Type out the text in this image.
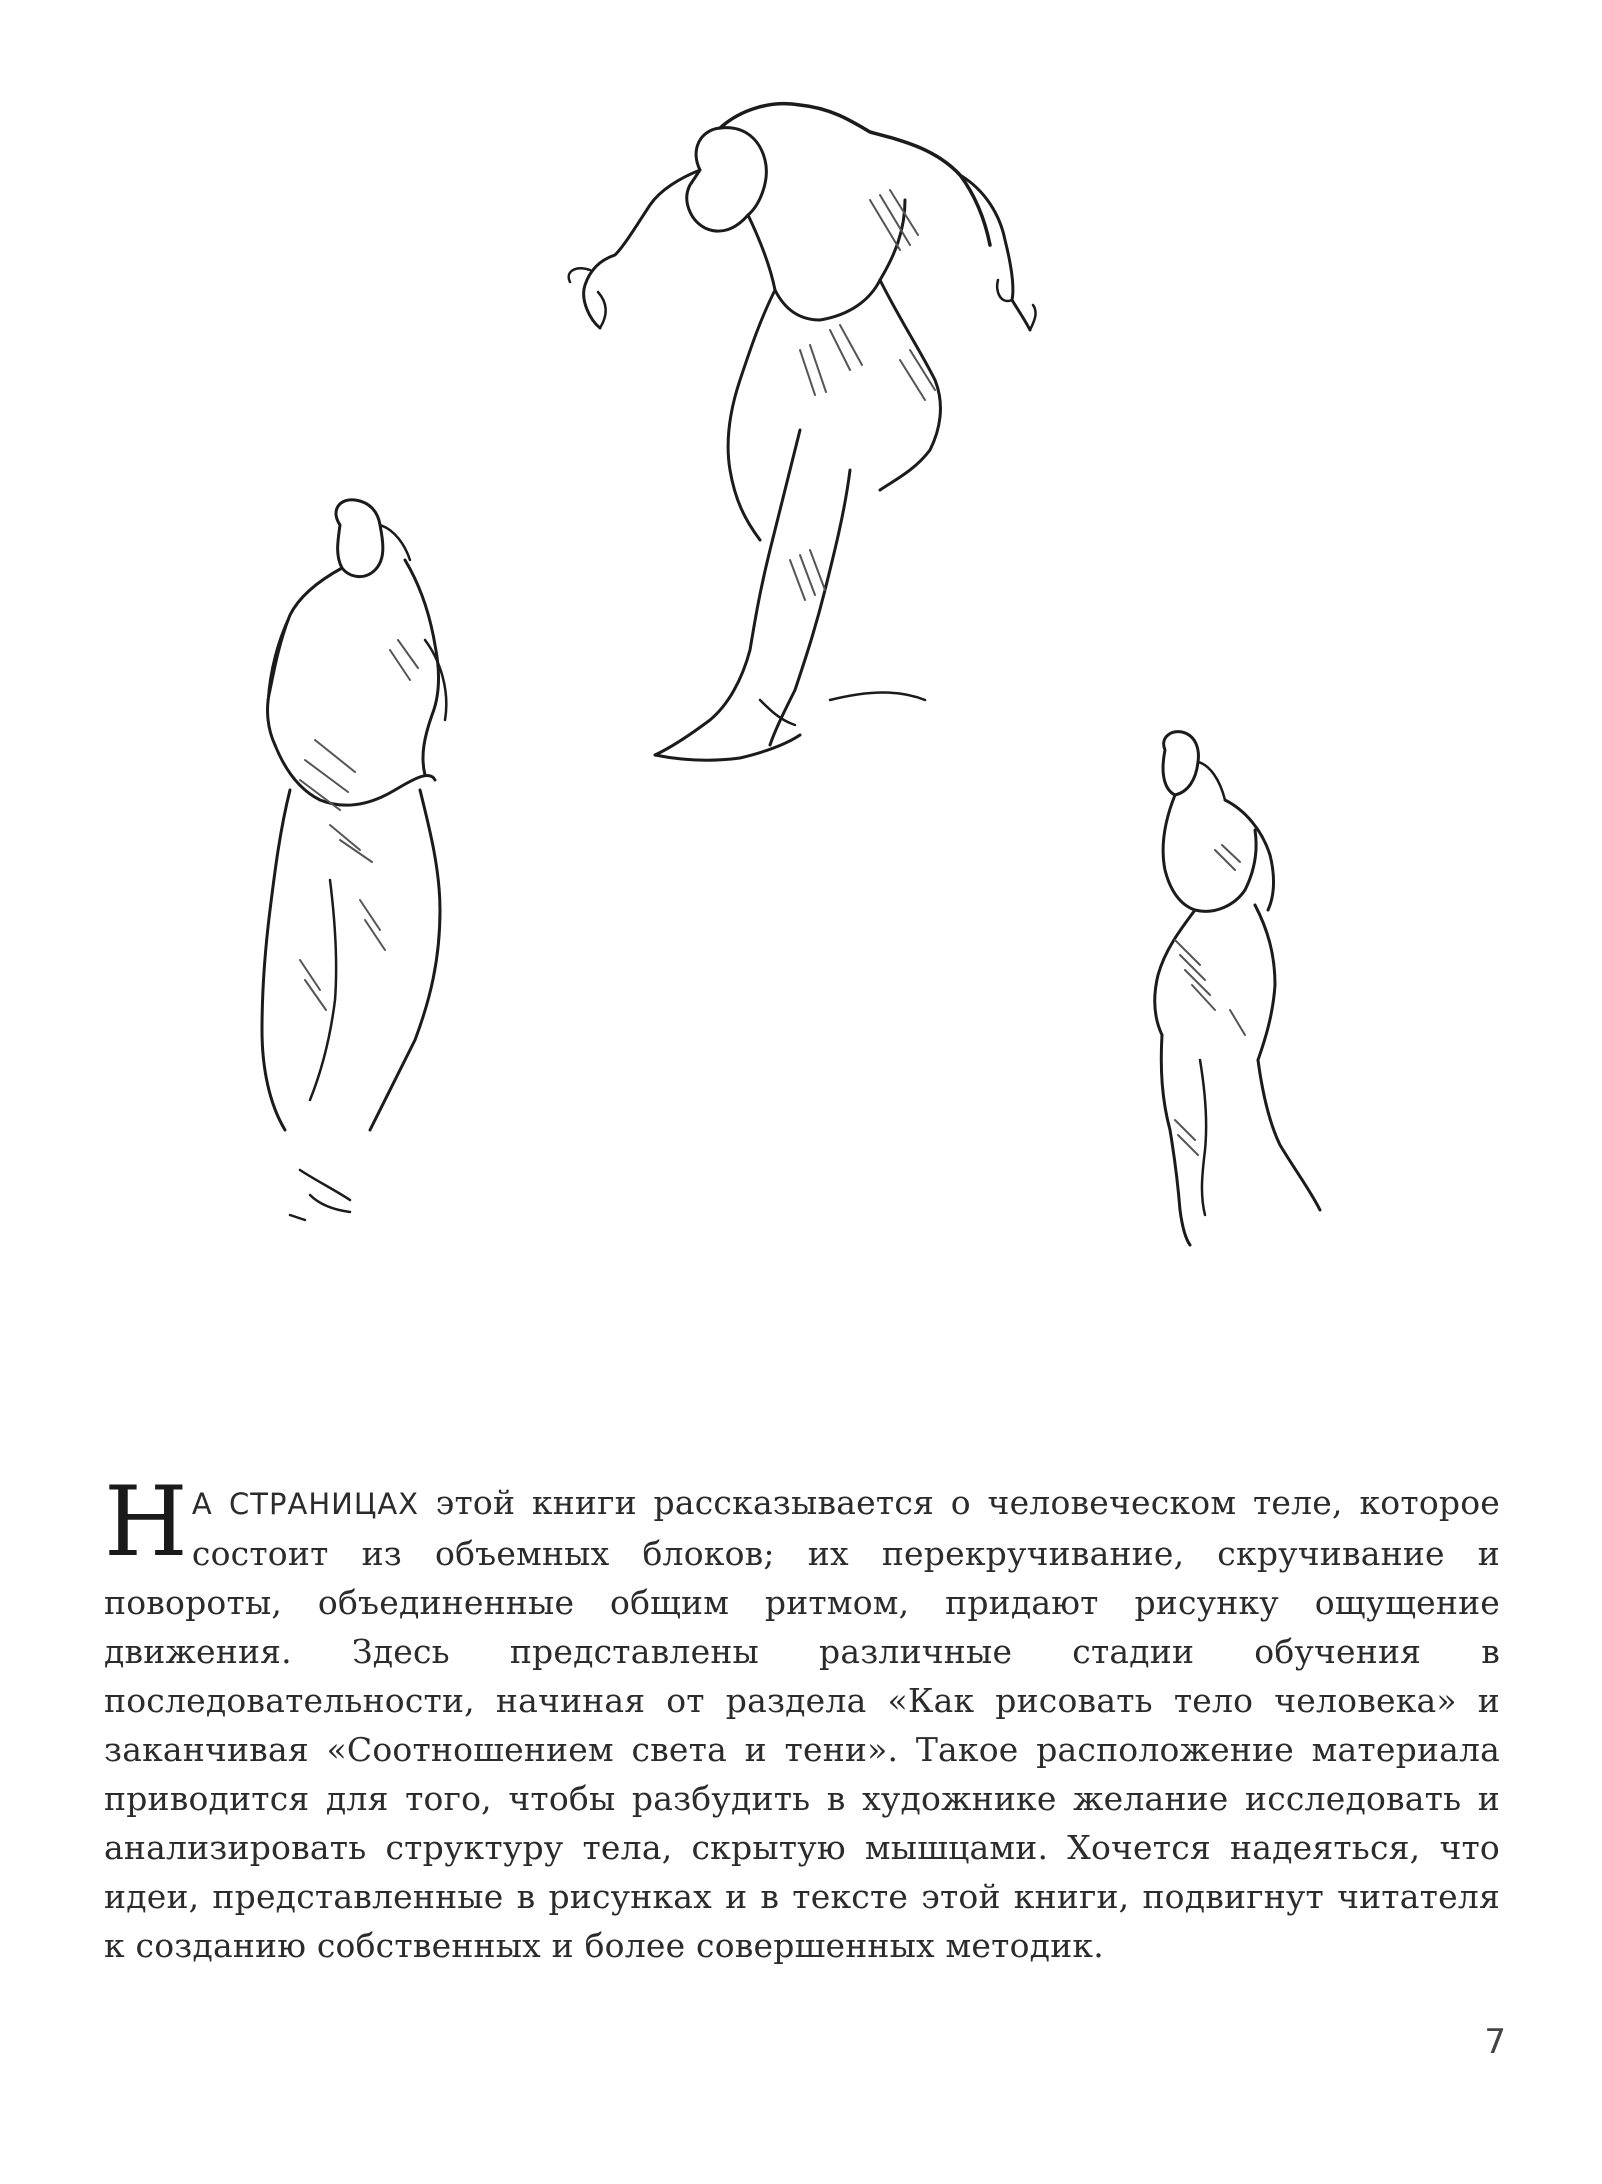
Н А СТРАНИЦАХ этой книги рассказывается о человеческом теле, которое состоит из объемных блоков; их перекручивание, скручивание и повороты, объединенные общим ритмом, придают рисунку ощущение движения. Здесь представлены различные стадии обучения в последовательности, начиная от раздела «Как рисовать тело человека» и заканчивая «Соотношением света и тени». Такое расположение материала приводится для того, чтобы разбудить в художнике желание исследовать и анализировать структуру тела, скрытую мышцами. Хочется надеяться, что идеи, представленные в рисунках и в тексте этой книги, подвигнут читателя к созданию собственных и более совершенных методик.

7
